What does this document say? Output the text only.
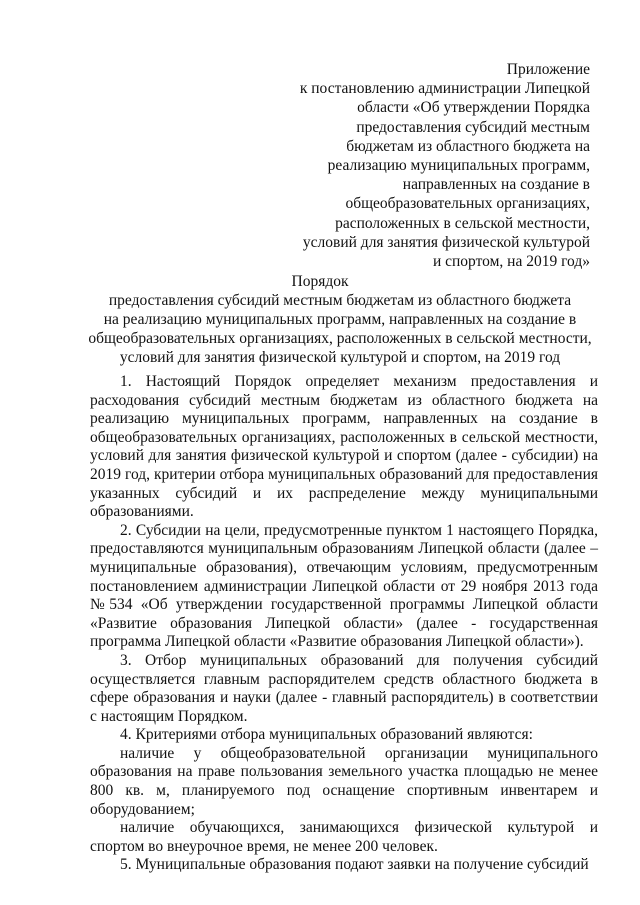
Приложение
к постановлению администрации Липецкой
области «Об утверждении Порядка
предоставления субсидий местным
бюджетам из областного бюджета на
реализацию муниципальных программ,
направленных на создание в
общеобразовательных организациях,
расположенных в сельской местности,
условий для занятия физической культурой
и спортом, на 2019 год»
Порядок
предоставления субсидий местным бюджетам из областного бюджета
на реализацию муниципальных программ, направленных на создание в
общеобразовательных организациях, расположенных в сельской местности,
условий для занятия физической культурой и спортом, на 2019 год

1. Настоящий Порядок определяет механизм предоставления и расходования субсидий местным бюджетам из областного бюджета на реализацию муниципальных программ, направленных на создание в общеобразовательных организациях, расположенных в сельской местности, условий для занятия физической культурой и спортом (далее - субсидии) на 2019 год, критерии отбора муниципальных образований для предоставления указанных субсидий и их распределение между муниципальными образованиями.

2. Субсидии на цели, предусмотренные пунктом 1 настоящего Порядка, предоставляются муниципальным образованиям Липецкой области (далее – муниципальные образования), отвечающим условиям, предусмотренным постановлением администрации Липецкой области от 29 ноября 2013 года №534 «Об утверждении государственной программы Липецкой области «Развитие образования Липецкой области» (далее - государственная программа Липецкой области «Развитие образования Липецкой области»).

3. Отбор муниципальных образований для получения субсидий осуществляется главным распорядителем средств областного бюджета в сфере образования и науки (далее - главный распорядитель) в соответствии с настоящим Порядком.

4. Критериями отбора муниципальных образований являются:

наличие у общеобразовательной организации муниципального образования на праве пользования земельного участка площадью не менее 800 кв. м, планируемого под оснащение спортивным инвентарем и оборудованием;

наличие обучающихся, занимающихся физической культурой и спортом во внеурочное время, не менее 200 человек.

5. Муниципальные образования подают заявки на получение субсидий
